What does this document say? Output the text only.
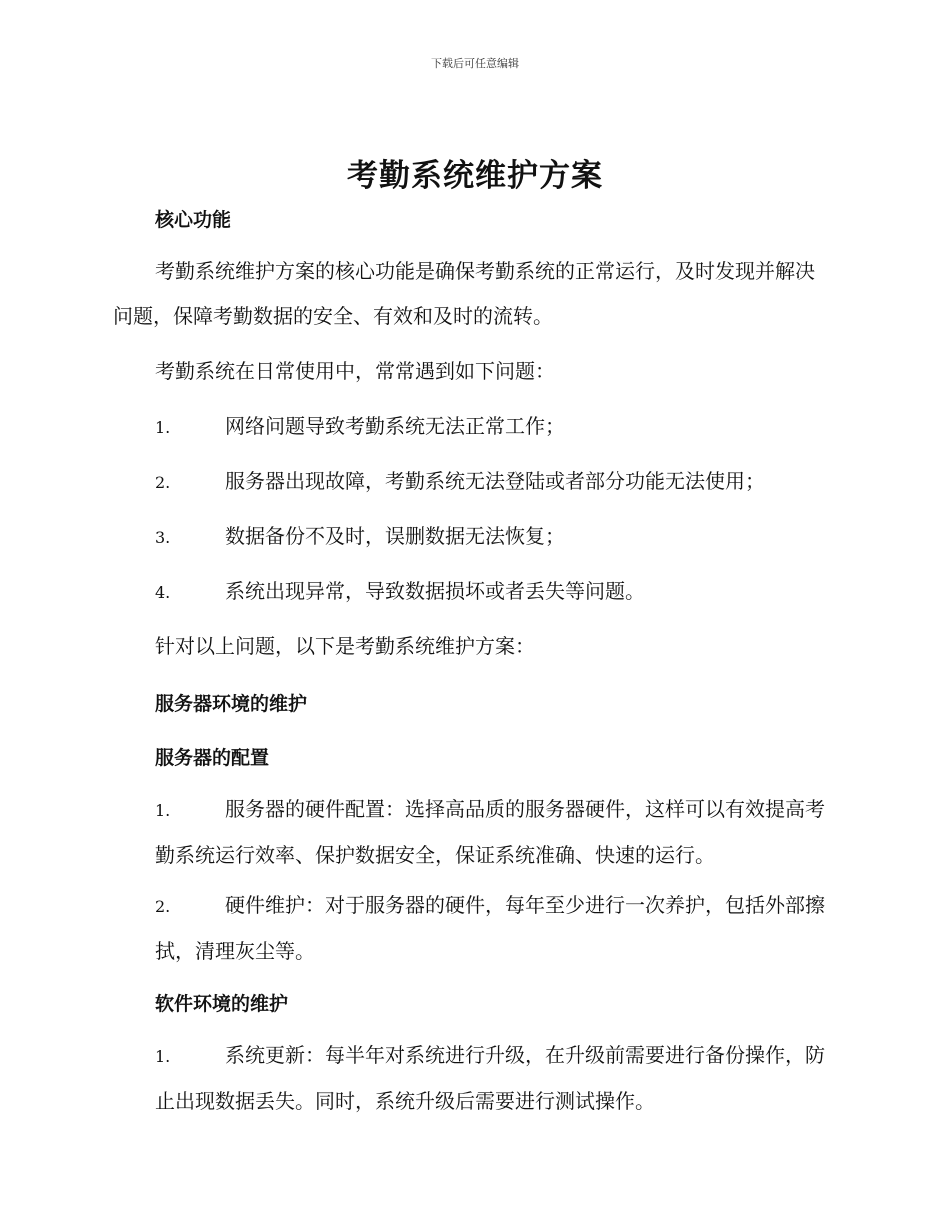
下载后可任意编辑
考勤系统维护方案
核心功能

考勤系统维护方案的核心功能是确保考勤系统的正常运行，及时发现并解决问题，保障考勤数据的安全、有效和及时的流转。

考勤系统在日常使用中，常常遇到如下问题：

1.	网络问题导致考勤系统无法正常工作；
2.	服务器出现故障，考勤系统无法登陆或者部分功能无法使用；
3.	数据备份不及时，误删数据无法恢复；
4.	系统出现异常，导致数据损坏或者丢失等问题。

针对以上问题，以下是考勤系统维护方案：

服务器环境的维护
服务器的配置
1.	服务器的硬件配置：选择高品质的服务器硬件，这样可以有效提高考勤系统运行效率、保护数据安全，保证系统准确、快速的运行。
2.	硬件维护：对于服务器的硬件，每年至少进行一次养护，包括外部擦拭，清理灰尘等。
软件环境的维护
1.	系统更新：每半年对系统进行升级，在升级前需要进行备份操作，防止出现数据丢失。同时，系统升级后需要进行测试操作。
